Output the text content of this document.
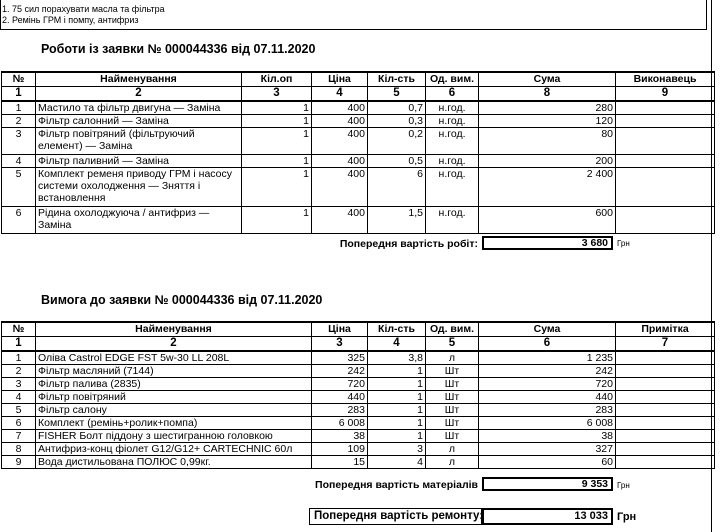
1. 75 сил порахувати масла та фільтра
2. Ремінь ГРМ і помпу, антифриз
Роботи із заявки № 000044336 від 07.11.2020
№	Найменування	Кіл.оп	Ціна	Кіл-сть	Од. вим.	Сума	Виконавець
1	2	3	4	5	6	8	9
1	Мастило та фільтр двигуна — Заміна	1	400	0,7	н.год.	280	
2	Фільтр салонний — Заміна	1	400	0,3	н.год.	120	
3	Фільтр повітряний (фільтруючий елемент) — Заміна	1	400	0,2	н.год.	80	
4	Фільтр паливний — Заміна	1	400	0,5	н.год.	200	
5	Комплект ременя приводу ГРМ і насосу системи охолодження — Зняття і встановлення	1	400	6	н.год.	2 400	
6	Рідина охолоджуюча / антифриз — Заміна	1	400	1,5	н.год.	600	
Попередня вартість робіт:	3 680	Грн
Вимога до заявки № 000044336 від 07.11.2020
№	Найменування	Ціна	Кіл-сть	Од. вим.	Сума	Примітка
1	2	3	4	5	6	7
1	Оліва Castrol EDGE FST 5w-30 LL 208L	325	3,8	л	1 235	
2	Фільтр масляний (7144)	242	1	Шт	242	
3	Фільтр палива (2835)	720	1	Шт	720	
4	Фільтр повітряний	440	1	Шт	440	
5	Фільтр салону	283	1	Шт	283	
6	Комплект (ремінь+ролик+помпа)	6 008	1	Шт	6 008	
7	FISHER Болт піддону з шестигранною головкою	38	1	Шт	38	
8	Антифриз-конц фіолет G12/G12+ CARTECHNIC 60л	109	3	л	327	
9	Вода дистильована ПОЛЮС 0,99кг.	15	4	л	60	
Попередня вартість матеріалів	9 353	Грн
Попередня вартість ремонту:	13 033 Грн
